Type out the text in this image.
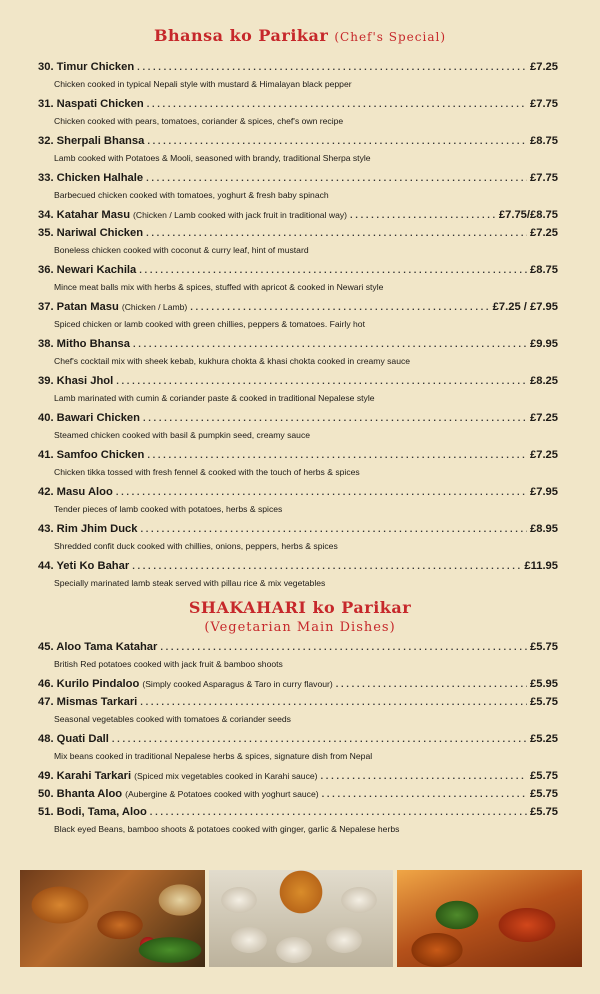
Bhansa ko Parikar (Chef's Special)
30. Timur Chicken . . .	£7.25
Chicken cooked in typical Nepali style with mustard & Himalayan black pepper
31. Naspati Chicken . . .	£7.75
Chicken cooked with pears, tomatoes, coriander & spices, chef's own recipe
32. Sherpali Bhansa . . .	£8.75
Lamb cooked with Potatoes & Mooli, seasoned with brandy, traditional Sherpa style
33. Chicken Halhale . . .	£7.75
Barbecued chicken cooked with tomatoes, yoghurt & fresh baby spinach
34. Katahar Masu (Chicken / Lamb cooked with jack fruit in traditional way) . . .	£7.75/£8.75
35. Nariwal Chicken . . .	£7.25
Boneless chicken cooked with coconut & curry leaf, hint of mustard
36. Newari Kachila . . .	£8.75
Mince meat balls mix with herbs & spices, stuffed with apricot & cooked in Newari style
37. Patan Masu (Chicken / Lamb) . . .	£7.25 / £7.95
Spiced chicken or lamb cooked with green chillies, peppers & tomatoes. Fairly hot
38. Mitho Bhansa . . .	£9.95
Chef's cocktail mix with sheek kebab, kukhura chokta & khasi chokta cooked in creamy sauce
39. Khasi Jhol . . .	£8.25
Lamb marinated with cumin & coriander paste & cooked in traditional Nepalese style
40. Bawari Chicken . . .	£7.25
Steamed chicken cooked with basil & pumpkin seed, creamy sauce
41. Samfoo Chicken . . .	£7.25
Chicken tikka tossed with fresh fennel & cooked with the touch of herbs & spices
42. Masu Aloo . . .	£7.95
Tender pieces of lamb cooked with potatoes, herbs & spices
43. Rim Jhim Duck . . .	£8.95
Shredded confit duck cooked with chillies, onions, peppers, herbs & spices
44. Yeti Ko Bahar . . .	£11.95
Specially marinated lamb steak served with pillau rice & mix vegetables
SHAKAHARI ko Parikar
(Vegetarian Main Dishes)
45. Aloo Tama Katahar . . .	£5.75
British Red potatoes cooked with jack fruit & bamboo shoots
46. Kurilo Pindaloo (Simply cooked Asparagus & Taro in curry flavour) . . .	£5.95
47. Mismas Tarkari . . .	£5.75
Seasonal vegetables cooked with tomatoes & coriander seeds
48. Quati Dall . . .	£5.25
Mix beans cooked in traditional Nepalese herbs & spices, signature dish from Nepal
49. Karahi Tarkari (Spiced mix vegetables cooked in Karahi sauce) . . .	£5.75
50. Bhanta Aloo (Aubergine & Potatoes cooked with yoghurt sauce) . . .	£5.75
51. Bodi, Tama, Aloo . . .	£5.75
Black eyed Beans, bamboo shoots & potatoes cooked with ginger, garlic & Nepalese herbs
